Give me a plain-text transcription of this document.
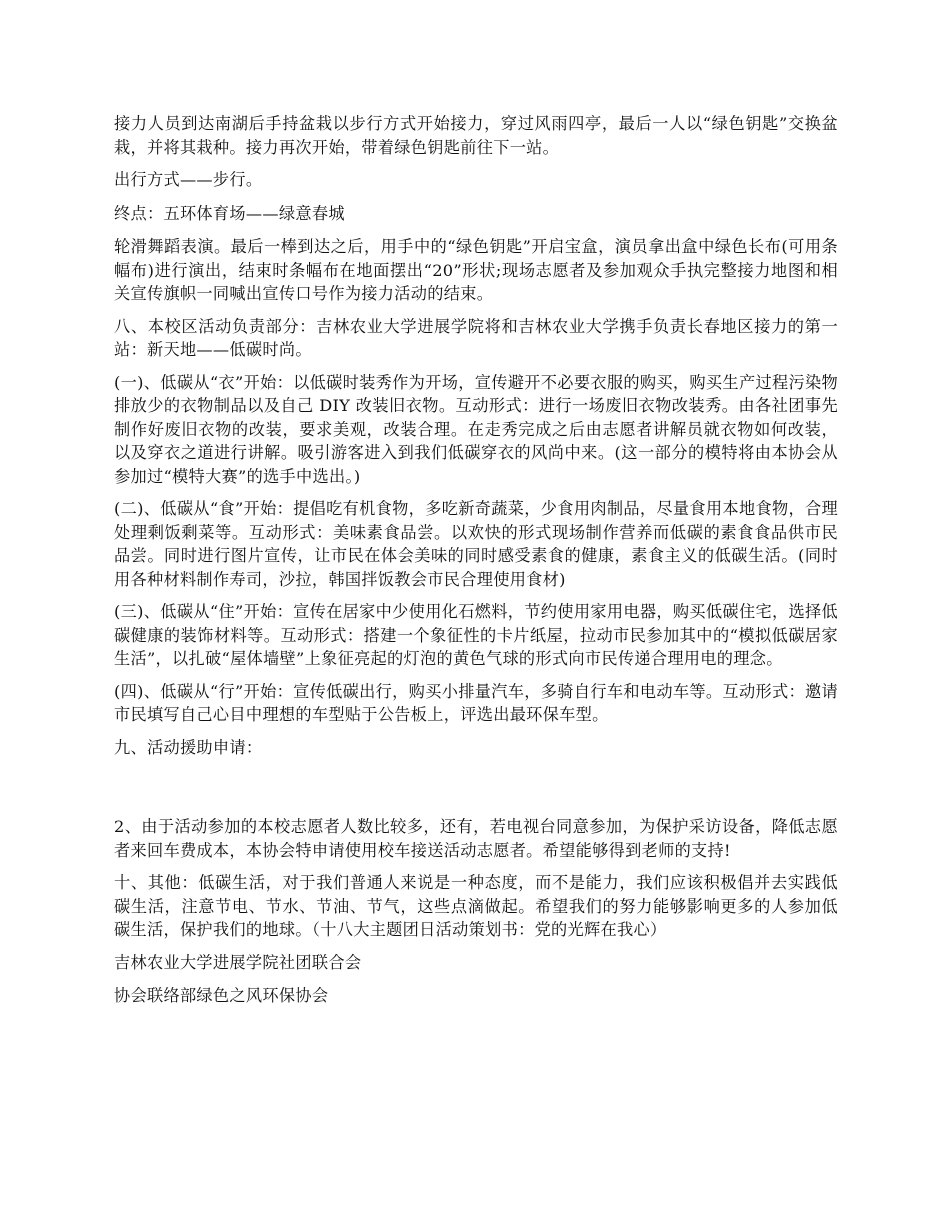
接力人员到达南湖后手持盆栽以步行方式开始接力，穿过风雨四亭，最后一人以“绿色钥匙”交换盆栽，并将其栽种。接力再次开始，带着绿色钥匙前往下一站。

出行方式——步行。

终点：五环体育场——绿意春城

轮滑舞蹈表演。最后一棒到达之后，用手中的“绿色钥匙”开启宝盒，演员拿出盒中绿色长布(可用条幅布)进行演出，结束时条幅布在地面摆出“20”形状;现场志愿者及参加观众手执完整接力地图和相关宣传旗帜一同喊出宣传口号作为接力活动的结束。

八、本校区活动负责部分：吉林农业大学进展学院将和吉林农业大学携手负责长春地区接力的第一站：新天地——低碳时尚。

(一)、低碳从“衣”开始：以低碳时装秀作为开场，宣传避开不必要衣服的购买，购买生产过程污染物排放少的衣物制品以及自己 DIY 改装旧衣物。互动形式：进行一场废旧衣物改装秀。由各社团事先制作好废旧衣物的改装，要求美观，改装合理。在走秀完成之后由志愿者讲解员就衣物如何改装，以及穿衣之道进行讲解。吸引游客进入到我们低碳穿衣的风尚中来。(这一部分的模特将由本协会从参加过“模特大赛”的选手中选出。)

(二)、低碳从“食”开始：提倡吃有机食物，多吃新奇蔬菜，少食用肉制品，尽量食用本地食物，合理处理剩饭剩菜等。互动形式：美味素食品尝。以欢快的形式现场制作营养而低碳的素食食品供市民品尝。同时进行图片宣传，让市民在体会美味的同时感受素食的健康，素食主义的低碳生活。(同时用各种材料制作寿司，沙拉，韩国拌饭教会市民合理使用食材)

(三)、低碳从“住”开始：宣传在居家中少使用化石燃料，节约使用家用电器，购买低碳住宅，选择低碳健康的装饰材料等。互动形式：搭建一个象征性的卡片纸屋，拉动市民参加其中的“模拟低碳居家生活”，以扎破“屋体墙壁”上象征亮起的灯泡的黄色气球的形式向市民传递合理用电的理念。

(四)、低碳从“行”开始：宣传低碳出行，购买小排量汽车，多骑自行车和电动车等。互动形式：邀请市民填写自己心目中理想的车型贴于公告板上，评选出最环保车型。

九、活动援助申请：

2、由于活动参加的本校志愿者人数比较多，还有，若电视台同意参加，为保护采访设备，降低志愿者来回车费成本，本协会特申请使用校车接送活动志愿者。希望能够得到老师的支持!

十、其他：低碳生活，对于我们普通人来说是一种态度，而不是能力，我们应该积极倡并去实践低碳生活，注意节电、节水、节油、节气，这些点滴做起。希望我们的努力能够影响更多的人参加低碳生活，保护我们的地球。（十八大主题团日活动策划书：党的光辉在我心）

吉林农业大学进展学院社团联合会

协会联络部绿色之风环保协会
